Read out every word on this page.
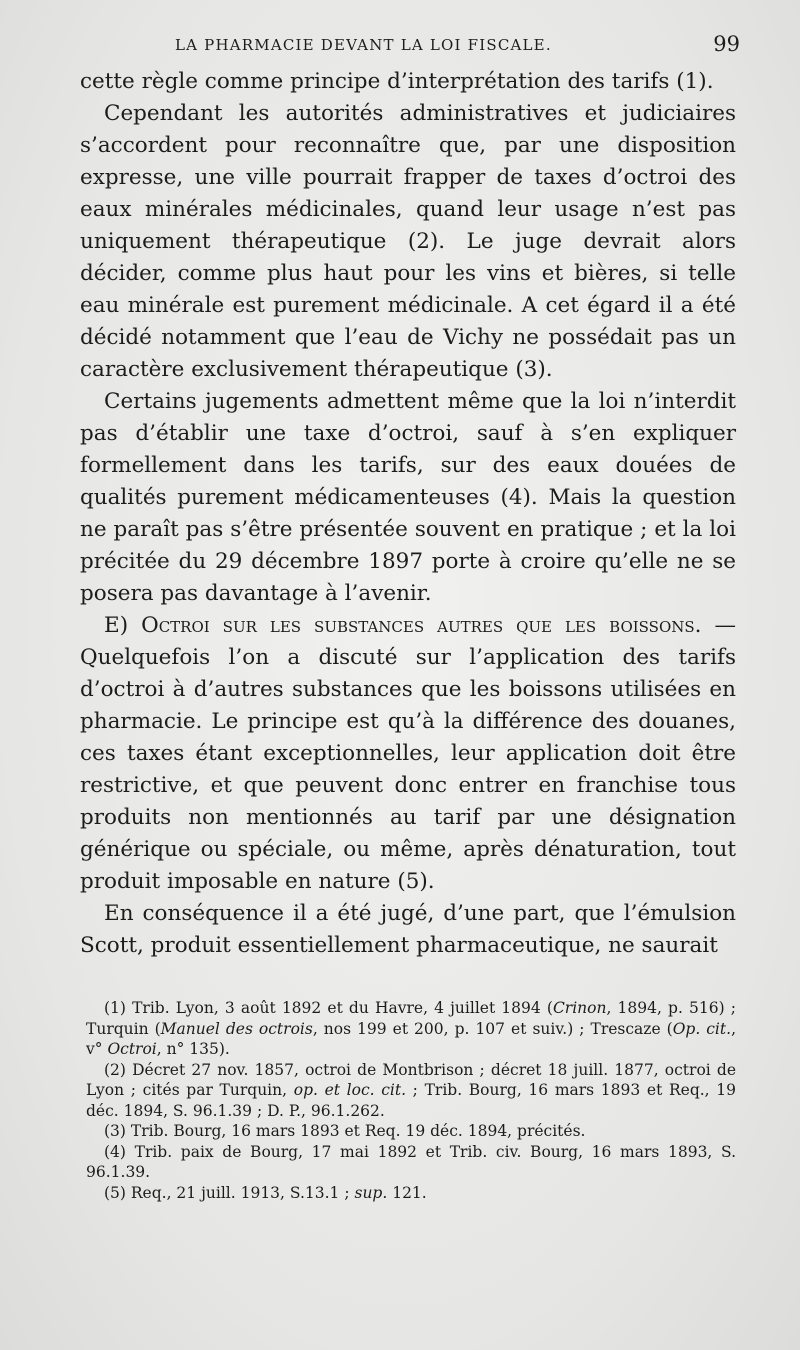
LA PHARMACIE DEVANT LA LOI FISCALE.	99

cette règle comme principe d’interprétation des tarifs (1).

Cependant les autorités administratives et judiciaires s’accordent pour reconnaître que, par une disposition expresse, une ville pourrait frapper de taxes d’octroi des eaux minérales médicinales, quand leur usage n’est pas uniquement thérapeutique (2). Le juge devrait alors décider, comme plus haut pour les vins et bières, si telle eau minérale est purement médicinale. A cet égard il a été décidé notamment que l’eau de Vichy ne possédait pas un caractère exclusivement thérapeutique (3).

Certains jugements admettent même que la loi n’interdit pas d’établir une taxe d’octroi, sauf à s’en expliquer formellement dans les tarifs, sur des eaux douées de qualités purement médicamenteuses (4). Mais la question ne paraît pas s’être présentée souvent en pratique ; et la loi précitée du 29 décembre 1897 porte à croire qu’elle ne se posera pas davantage à l’avenir.

E) Octroi sur les substances autres que les boissons. — Quelquefois l’on a discuté sur l’application des tarifs d’octroi à d’autres substances que les boissons utilisées en pharmacie. Le principe est qu’à la différence des douanes, ces taxes étant exceptionnelles, leur application doit être restrictive, et que peuvent donc entrer en franchise tous produits non mentionnés au tarif par une désignation générique ou spéciale, ou même, après dénaturation, tout produit imposable en nature (5).

En conséquence il a été jugé, d’une part, que l’émulsion Scott, produit essentiellement pharmaceutique, ne saurait

(1) Trib. Lyon, 3 août 1892 et du Havre, 4 juillet 1894 (Crinon, 1894, p. 516) ; Turquin (Manuel des octrois, nos 199 et 200, p. 107 et suiv.) ; Trescaze (Op. cit., v° Octroi, n° 135).

(2) Décret 27 nov. 1857, octroi de Montbrison ; décret 18 juill. 1877, octroi de Lyon ; cités par Turquin, op. et loc. cit. ; Trib. Bourg, 16 mars 1893 et Req., 19 déc. 1894, S. 96.1.39 ; D. P., 96.1.262.

(3) Trib. Bourg, 16 mars 1893 et Req. 19 déc. 1894, précités.

(4) Trib. paix de Bourg, 17 mai 1892 et Trib. civ. Bourg, 16 mars 1893, S. 96.1.39.

(5) Req., 21 juill. 1913, S.13.1 ; sup. 121.
